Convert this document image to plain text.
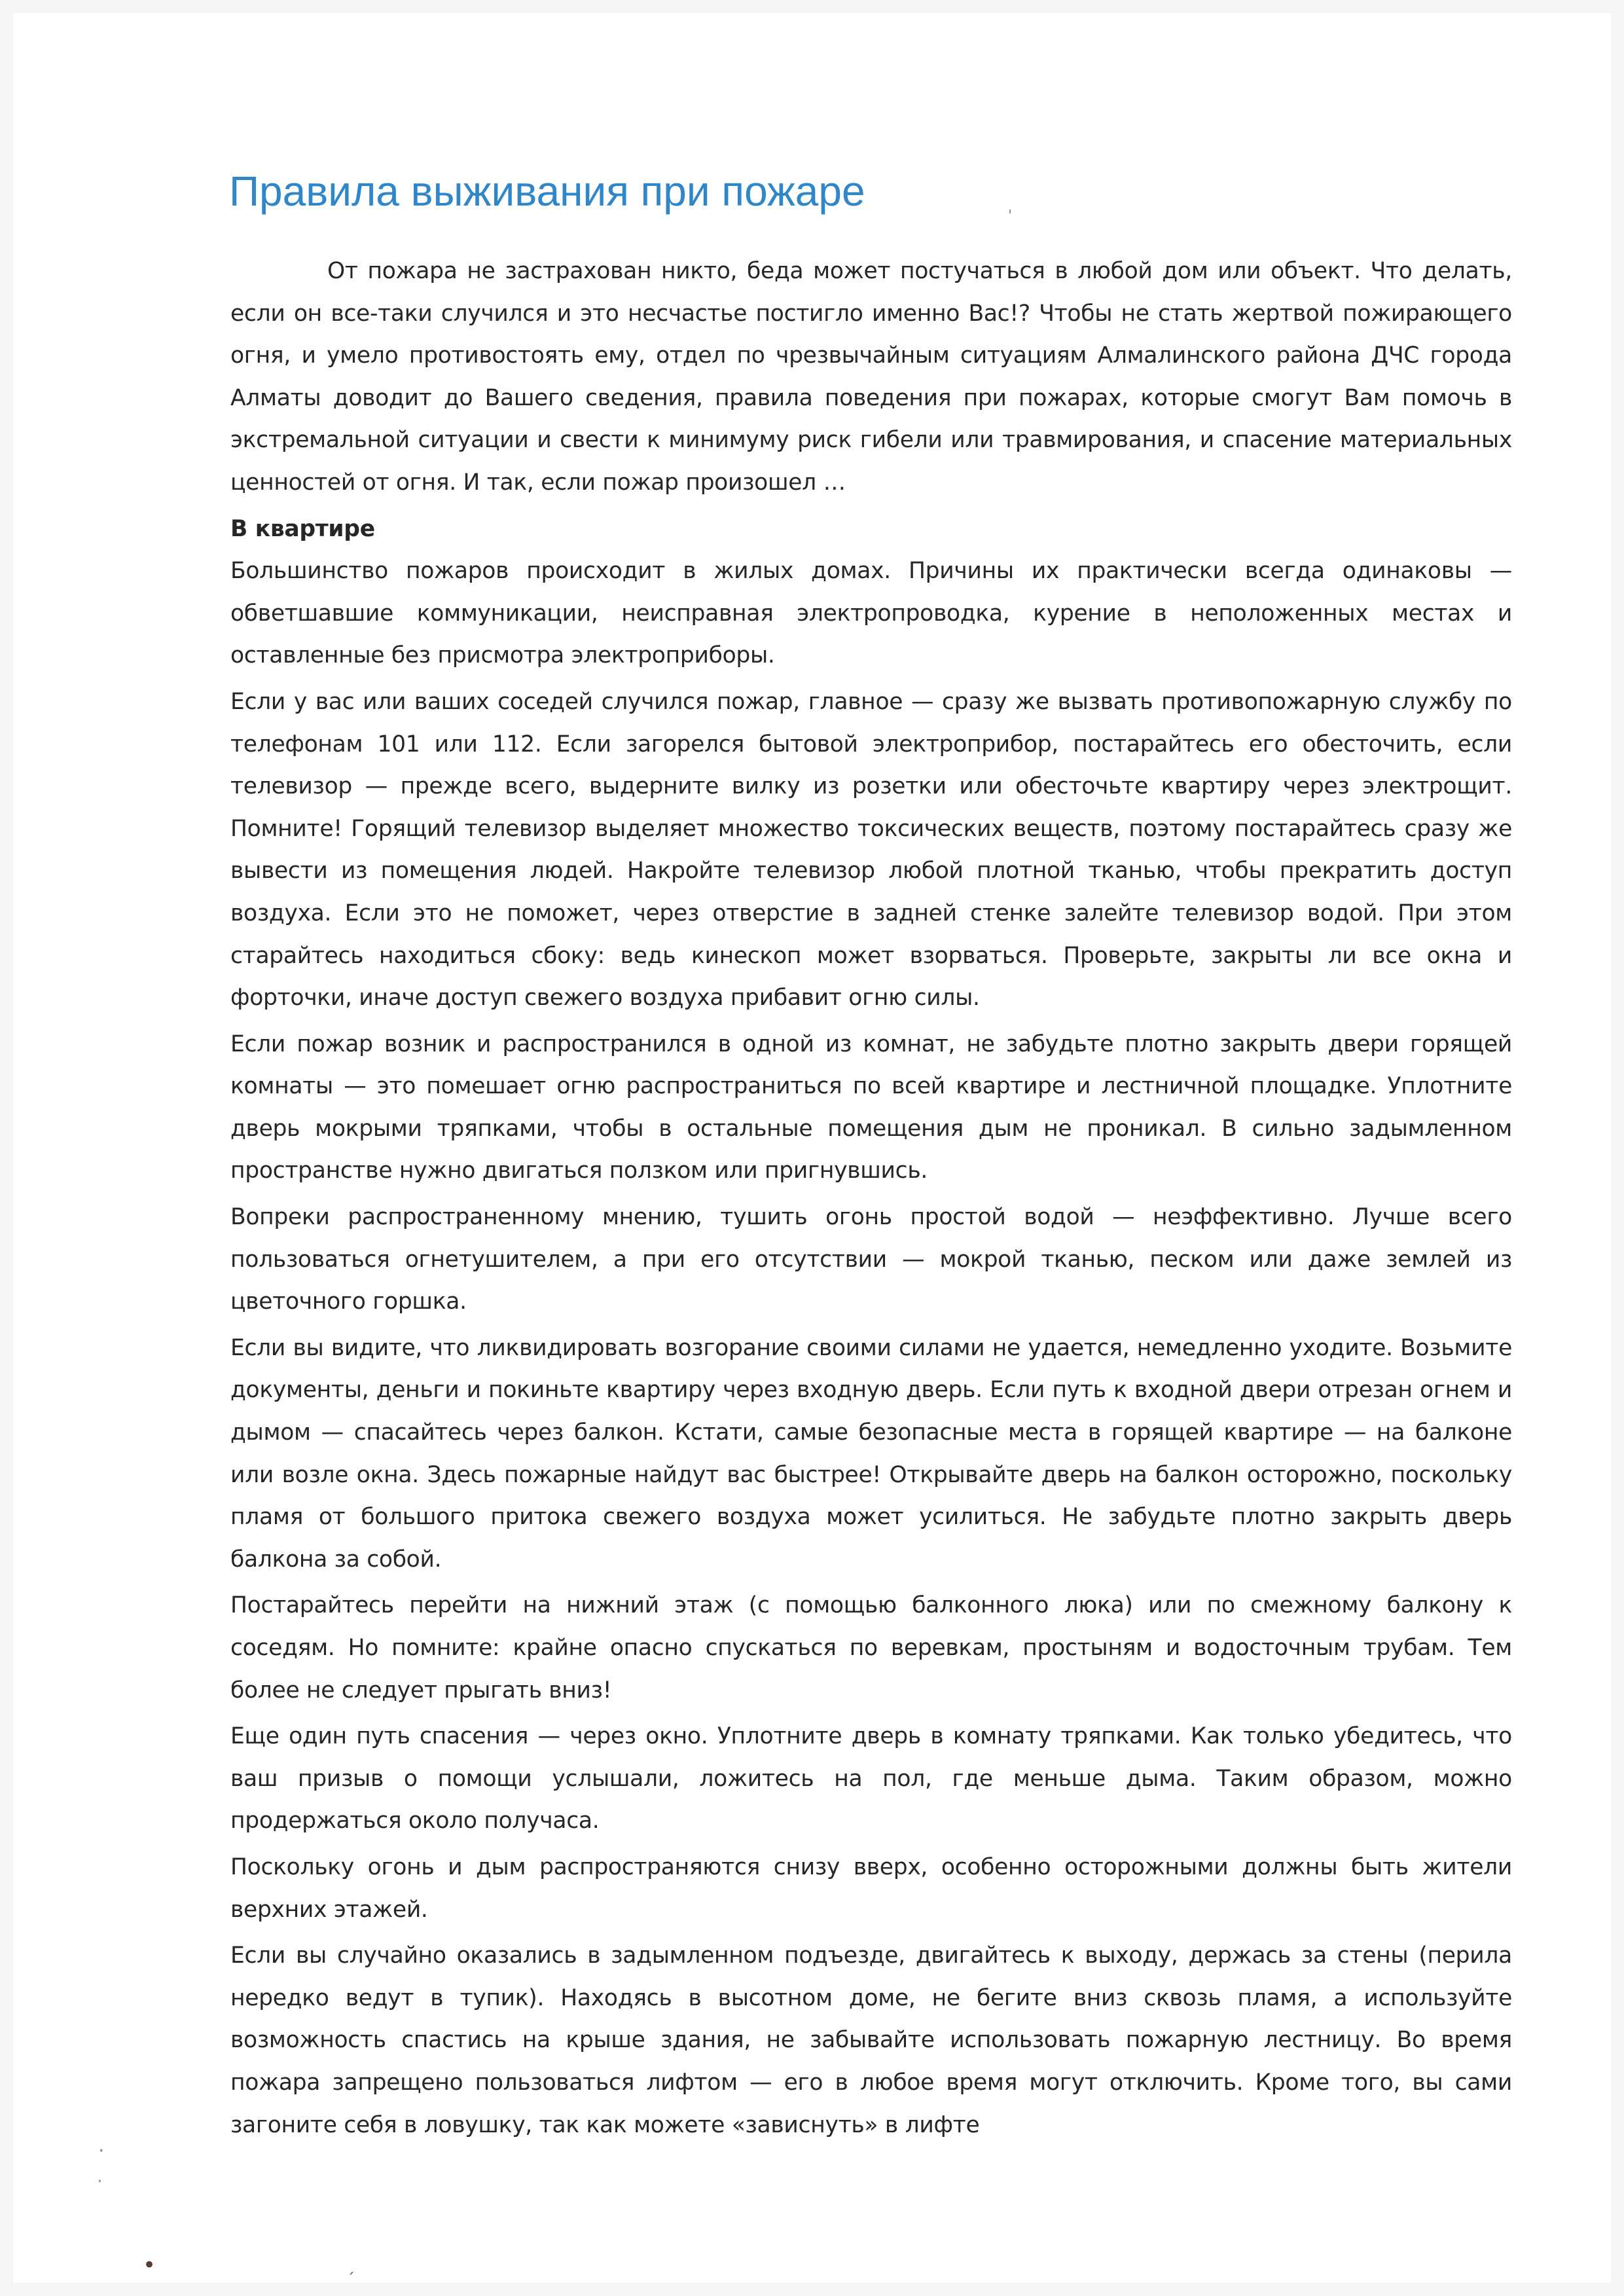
Правила выживания при пожаре

От пожара не застрахован никто, беда может постучаться в любой дом или объект. Что делать, если он все-таки случился и это несчастье постигло именно Вас!? Чтобы не стать жертвой пожирающего огня, и умело противостоять ему, отдел по чрезвычайным ситуациям Алмалинского района ДЧС города Алматы доводит до Вашего сведения, правила поведения при пожарах, которые смогут Вам помочь в экстремальной ситуации и свести к минимуму риск гибели или травмирования, и спасение материальных ценностей от огня. И так, если пожар произошел …

В квартире

Большинство пожаров происходит в жилых домах. Причины их практически всегда одинаковы — обветшавшие коммуникации, неисправная электропроводка, курение в неположенных местах и оставленные без присмотра электроприборы.

Если у вас или ваших соседей случился пожар, главное — сразу же вызвать противопожарную службу по телефонам 101 или 112. Если загорелся бытовой электроприбор, постарайтесь его обесточить, если телевизор — прежде всего, выдерните вилку из розетки или обесточьте квартиру через электрощит. Помните! Горящий телевизор выделяет множество токсических веществ, поэтому постарайтесь сразу же вывести из помещения людей. Накройте телевизор любой плотной тканью, чтобы прекратить доступ воздуха. Если это не поможет, через отверстие в задней стенке залейте телевизор водой. При этом старайтесь находиться сбоку: ведь кинескоп может взорваться. Проверьте, закрыты ли все окна и форточки, иначе доступ свежего воздуха прибавит огню силы.

Если пожар возник и распространился в одной из комнат, не забудьте плотно закрыть двери горящей комнаты — это помешает огню распространиться по всей квартире и лестничной площадке. Уплотните дверь мокрыми тряпками, чтобы в остальные помещения дым не проникал. В сильно задымленном пространстве нужно двигаться ползком или пригнувшись.

Вопреки распространенному мнению, тушить огонь простой водой — неэффективно. Лучше всего пользоваться огнетушителем, а при его отсутствии — мокрой тканью, песком или даже землей из цветочного горшка.

Если вы видите, что ликвидировать возгорание своими силами не удается, немедленно уходите. Возьмите документы, деньги и покиньте квартиру через входную дверь. Если путь к входной двери отрезан огнем и дымом — спасайтесь через балкон. Кстати, самые безопасные места в горящей квартире — на балконе или возле окна. Здесь пожарные найдут вас быстрее! Открывайте дверь на балкон осторожно, поскольку пламя от большого притока свежего воздуха может усилиться. Не забудьте плотно закрыть дверь балкона за собой.

Постарайтесь перейти на нижний этаж (с помощью балконного люка) или по смежному балкону к соседям. Но помните: крайне опасно спускаться по веревкам, простыням и водосточным трубам. Тем более не следует прыгать вниз!

Еще один путь спасения — через окно. Уплотните дверь в комнату тряпками. Как только убедитесь, что ваш призыв о помощи услышали, ложитесь на пол, где меньше дыма. Таким образом, можно продержаться около получаса.

Поскольку огонь и дым распространяются снизу вверх, особенно осторожными должны быть жители верхних этажей.

Если вы случайно оказались в задымленном подъезде, двигайтесь к выходу, держась за стены (перила нередко ведут в тупик). Находясь в высотном доме, не бегите вниз сквозь пламя, а используйте возможность спастись на крыше здания, не забывайте использовать пожарную лестницу. Во время пожара запрещено пользоваться лифтом — его в любое время могут отключить. Кроме того, вы сами загоните себя в ловушку, так как можете «зависнуть» в лифте

ˈ
·
·
•	ˏ
